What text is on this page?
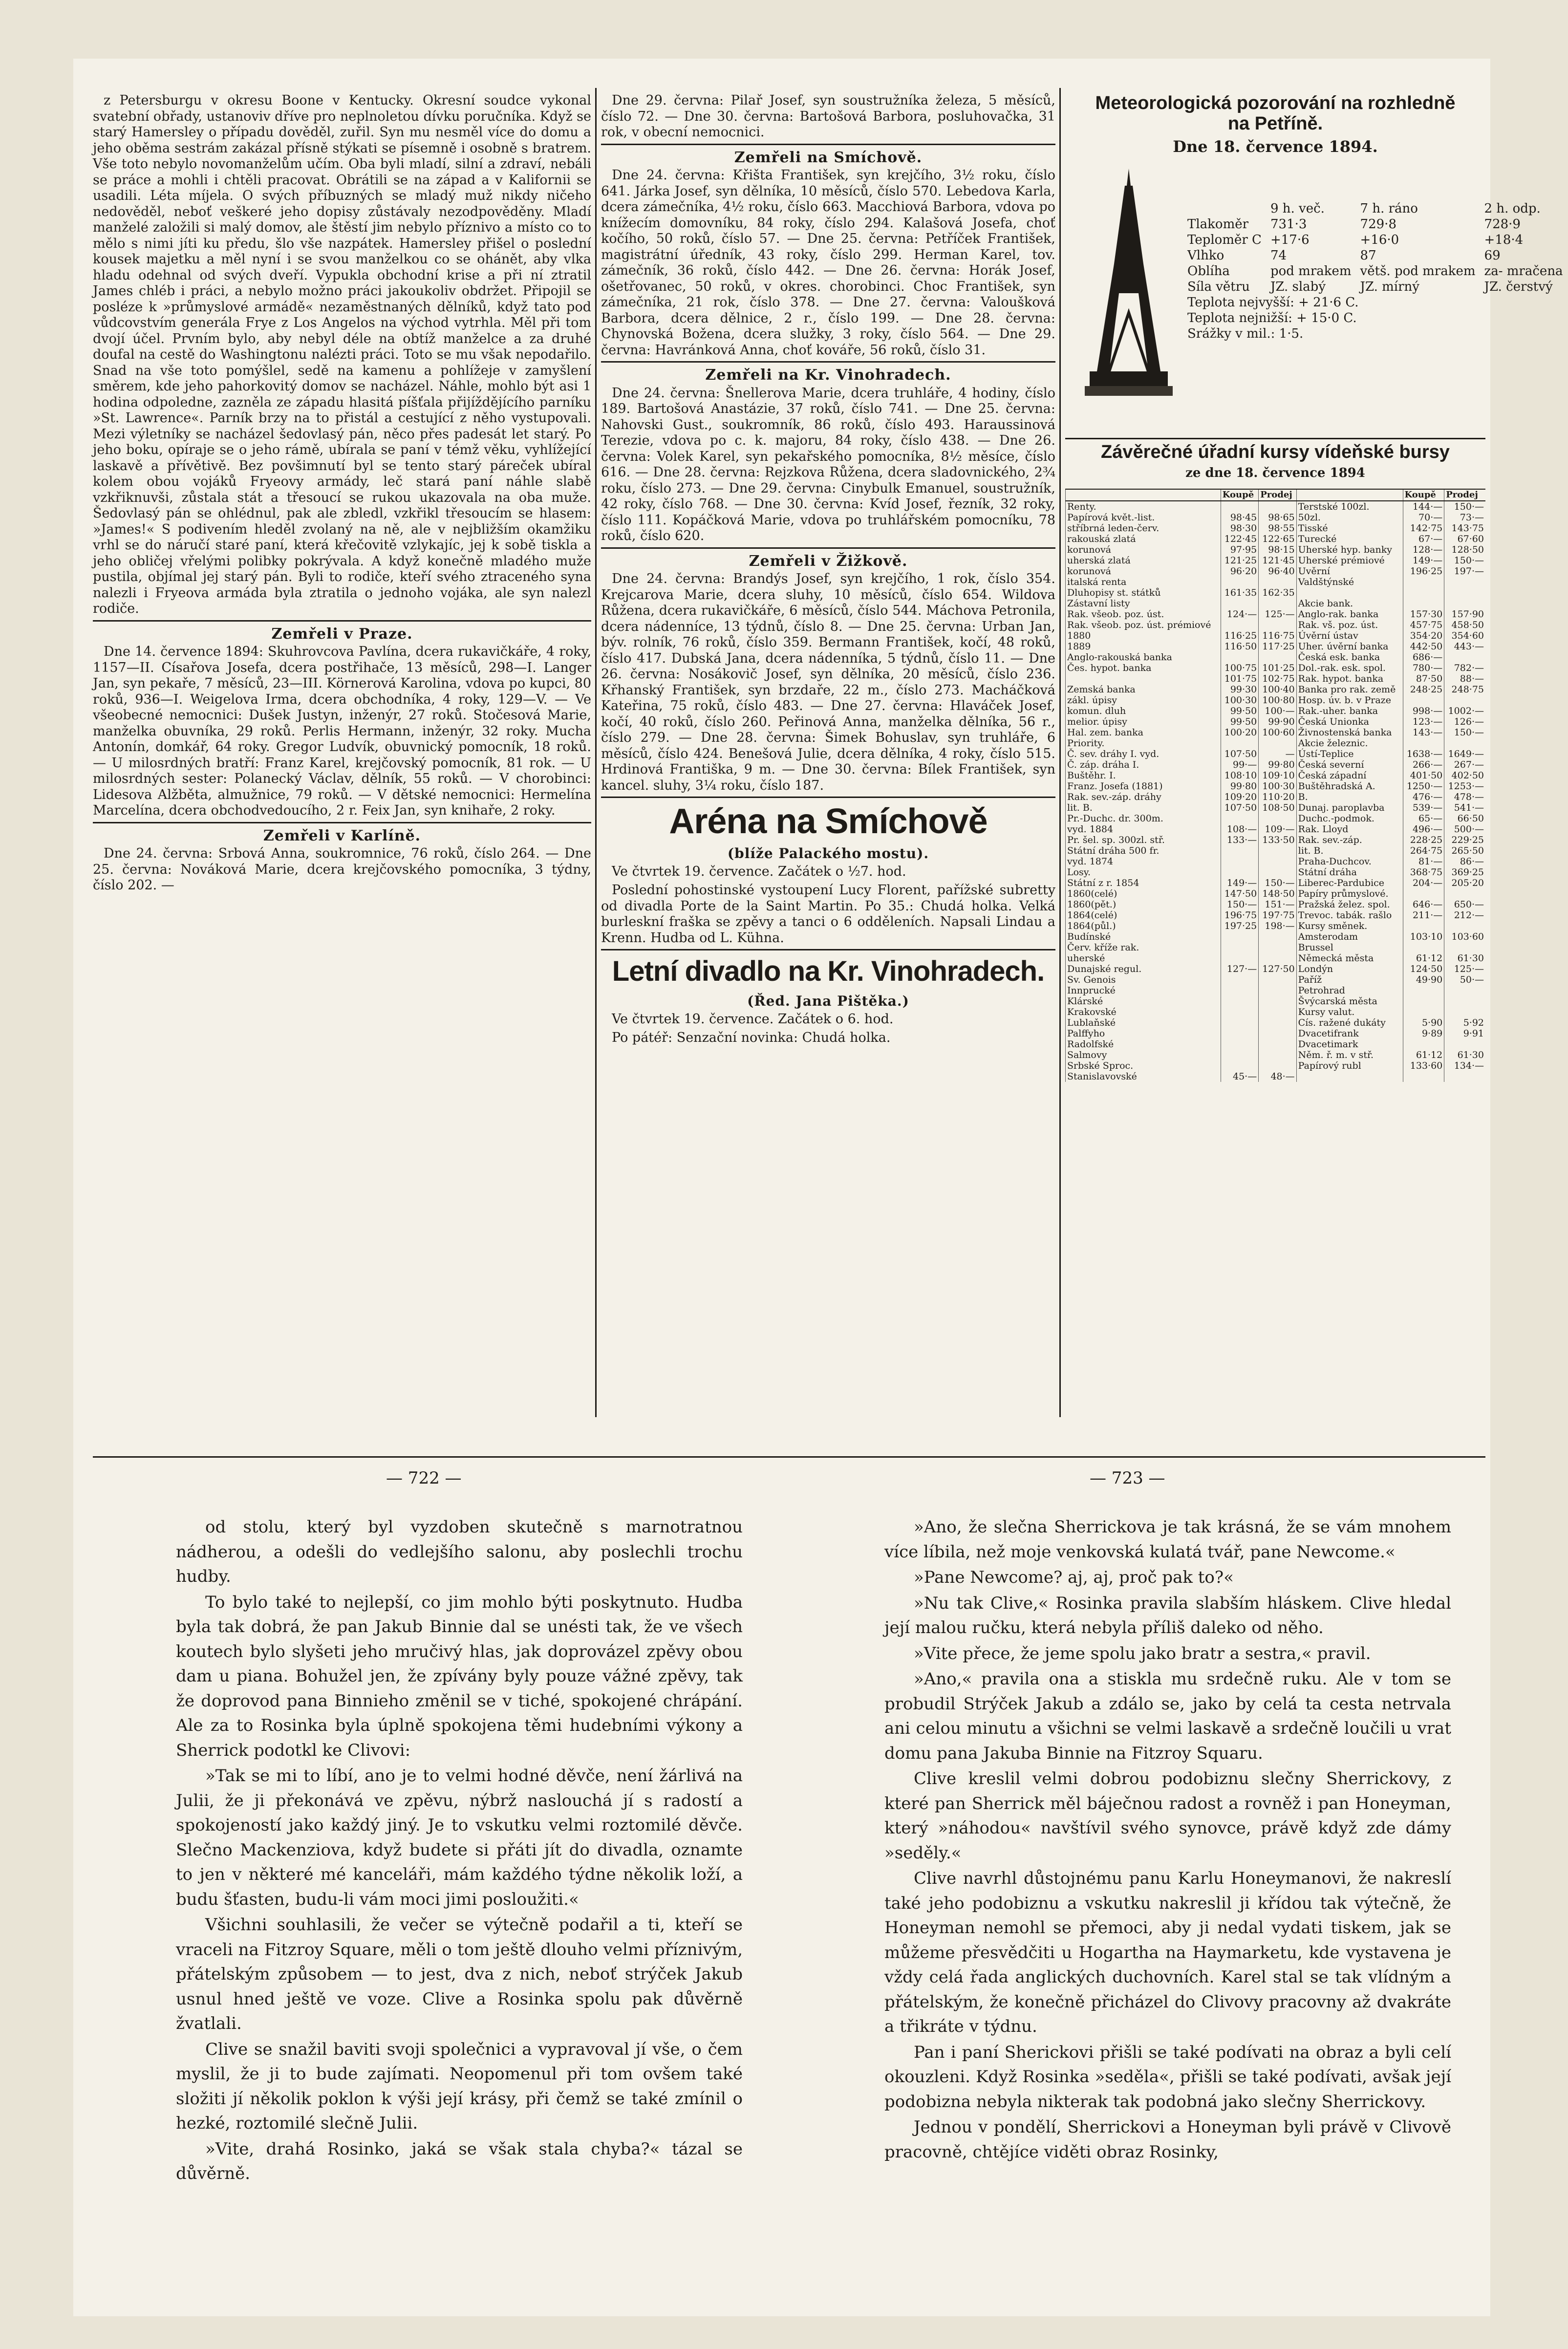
z Petersburgu v okresu Boone v Kentucky. Okresní soudce vykonal svatební obřady, ustanoviv dříve pro neplnoletou dívku poručníka. Když se starý Hamersley o případu dověděl, zuřil. Syn mu nesměl více do domu a jeho oběma sestrám zakázal přísně stýkati se písemně i osobně s bratrem. Vše toto nebylo novomanželům učím. Oba byli mladí, silní a zdraví, nebáli se práce a mohli i chtěli pracovat. Obrátili se na západ a v Kalifornii se usadili. Léta míjela. O svých příbuzných se mladý muž nikdy ničeho nedověděl, neboť veškeré jeho dopisy zůstávaly nezodpověděny. Mladí manželé založili si malý domov, ale štěstí jim nebylo příznivo a místo co to mělo s nimi jíti ku předu, šlo vše nazpátek. Hamersley přišel o poslední kousek majetku a měl nyní i se svou manželkou co se ohánět, aby vlka hladu odehnal od svých dveří. Vypukla obchodní krise a při ní ztratil James chléb i práci, a nebylo možno práci jakoukoliv obdržet. Připojil se posléze k »průmyslové armádě« nezaměstnaných dělníků, když tato pod vůdcovstvím generála Frye z Los Angelos na východ vytrhla. Měl při tom dvojí účel. Prvním bylo, aby nebyl déle na obtíž manželce a za druhé doufal na cestě do Washingtonu nalézti práci. Toto se mu však nepodařilo. Snad na vše toto pomýšlel, sedě na kamenu a pohlížeje v zamyšlení směrem, kde jeho pahorkovitý domov se nacházel. Náhle, mohlo být asi 1 hodina odpoledne, zazněla ze západu hlasitá píšťala přijíždějícího parníku »St. Lawrence«. Parník brzy na to přistál a cestující z něho vystupovali. Mezi výletníky se nacházel šedovlasý pán, něco přes padesát let starý. Po jeho boku, opíraje se o jeho rámě, ubírala se paní v témž věku, vyhlížející laskavě a přívětivě. Bez povšimnutí byl se tento starý páreček ubíral kolem obou vojáků Fryeovy armády, leč stará paní náhle slabě vzkřiknuvši, zůstala stát a třesoucí se rukou ukazovala na oba muže. Šedovlasý pán se ohlédnul, pak ale zbledl, vzkřikl třesoucím se hlasem: »James!« S podivením hleděl zvolaný na ně, ale v nejbližším okamžiku vrhl se do náručí staré paní, která křečovitě vzlykajíc, jej k sobě tiskla a jeho obličej vřelými polibky pokrývala. A když konečně mladého muže pustila, objímal jej starý pán. Byli to rodiče, kteří svého ztraceného syna nalezli i Fryeova armáda byla ztratila o jednoho vojáka, ale syn nalezl rodiče.

Zemřeli v Praze.

Dne 14. července 1894: Skuhrovcova Pavlína, dcera rukavičkáře, 4 roky, 1157—II. Císařova Josefa, dcera postřihače, 13 měsíců, 298—I. Langer Jan, syn pekaře, 7 měsíců, 23—III. Körnerová Karolina, vdova po kupci, 80 roků, 936—I. Weigelova Irma, dcera obchodníka, 4 roky, 129—V. — Ve všeobecné nemocnici: Dušek Justyn, inženýr, 27 roků. Stočesová Marie, manželka obuvníka, 29 roků. Perlis Hermann, inženýr, 32 roky. Mucha Antonín, domkář, 64 roky. Gregor Ludvík, obuvnický pomocník, 18 roků. — U milosrdných bratří: Franz Karel, krejčovský pomocník, 81 rok. — U milosrdných sester: Polanecký Václav, dělník, 55 roků. — V chorobinci: Lidesova Alžběta, almužnice, 79 roků. — V dětské nemocnici: Hermelína Marcelína, dcera obchodvedoucího, 2 r. Feix Jan, syn knihaře, 2 roky.

Zemřeli v Karlíně.

Dne 24. června: Srbová Anna, soukromnice, 76 roků, číslo 264. — Dne 25. června: Nováková Marie, dcera krejčovského pomocníka, 3 týdny, číslo 202. —

Dne 29. června: Pilař Josef, syn soustružníka železa, 5 měsíců, číslo 72. — Dne 30. června: Bartošová Barbora, posluhovačka, 31 rok, v obecní nemocnici.

Zemřeli na Smíchově.

Dne 24. června: Křišta František, syn krejčího, 3½ roku, číslo 641. Járka Josef, syn dělníka, 10 měsíců, číslo 570. Lebedova Karla, dcera zámečníka, 4½ roku, číslo 663. Macchiová Barbora, vdova po knížecím domovníku, 84 roky, číslo 294. Kalašová Josefa, choť kočího, 50 roků, číslo 57. — Dne 25. června: Petříček František, magistrátní úředník, 43 roky, číslo 299. Herman Karel, tov. zámečník, 36 roků, číslo 442. — Dne 26. června: Horák Josef, ošetřovanec, 50 roků, v okres. chorobinci. Choc František, syn zámečníka, 21 rok, číslo 378. — Dne 27. června: Valoušková Barbora, dcera dělnice, 2 r., číslo 199. — Dne 28. června: Chynovská Božena, dcera služky, 3 roky, číslo 564. — Dne 29. června: Havránková Anna, choť kováře, 56 roků, číslo 31.

Zemřeli na Kr. Vinohradech.

Dne 24. června: Šnellerova Marie, dcera truhláře, 4 hodiny, číslo 189. Bartošová Anastázie, 37 roků, číslo 741. — Dne 25. června: Nahovski Gust., soukromník, 86 roků, číslo 493. Haraussinová Terezie, vdova po c. k. majoru, 84 roky, číslo 438. — Dne 26. června: Volek Karel, syn pekařského pomocníka, 8½ měsíce, číslo 616. — Dne 28. června: Rejzkova Růžena, dcera sladovnického, 2¾ roku, číslo 273. — Dne 29. června: Cinybulk Emanuel, soustružník, 42 roky, číslo 768. — Dne 30. června: Kvíd Josef, řezník, 32 roky, číslo 111. Kopáčková Marie, vdova po truhlářském pomocníku, 78 roků, číslo 620.

Zemřeli v Žižkově.

Dne 24. června: Brandýs Josef, syn krejčího, 1 rok, číslo 354. Krejcarova Marie, dcera sluhy, 10 měsíců, číslo 654. Wildova Růžena, dcera rukavičkáře, 6 měsíců, číslo 544. Máchova Petronila, dcera nádenníce, 13 týdnů, číslo 8. — Dne 25. června: Urban Jan, býv. rolník, 76 roků, číslo 359. Bermann František, kočí, 48 roků, číslo 417. Dubská Jana, dcera nádenníka, 5 týdnů, číslo 11. — Dne 26. června: Nosákovič Josef, syn dělníka, 20 měsíců, číslo 236. Křhanský František, syn brzdaře, 22 m., číslo 273. Macháčková Kateřina, 75 roků, číslo 483. — Dne 27. června: Hlaváček Josef, kočí, 40 roků, číslo 260. Peřinová Anna, manželka dělníka, 56 r., číslo 279. — Dne 28. června: Šimek Bohuslav, syn truhláře, 6 měsíců, číslo 424. Benešová Julie, dcera dělníka, 4 roky, číslo 515. Hrdinová Františka, 9 m. — Dne 30. června: Bílek František, syn kancel. sluhy, 3¼ roku, číslo 187.

Aréna na Smíchově

(blíže Palackého mostu).

Ve čtvrtek 19. července. Začátek o ½7. hod.

Poslední pohostinské vystoupení Lucy Florent, pařížské subretty od divadla Porte de la Saint Martin. Po 35.: Chudá holka. Velká burleskní fraška se zpěvy a tanci o 6 odděleních. Napsali Lindau a Krenn. Hudba od L. Kühna.

Letní divadlo na Kr. Vinohradech.

(Řed. Jana Pištěka.)

Ve čtvrtek 19. července. Začátek o 6. hod.

Po pátéř: Senzační novinka: Chudá holka.

Meteorologická pozorování na rozhledně
na Petříně.
Dne 18. července 1894.
	9 h. več.	7 h. ráno	2 h. odp.
Tlakoměr	731·3	729·8	728·9
Teploměr C	+17·6	+16·0	+18·4
Vlhko	74	87	69
Oblíha	pod mrakem	větš. pod mrakem	za- mračena
Síla větru	JZ. slabý	JZ. mírný	JZ. čerstvý
Teplota nejvyšší: + 21·6 C.			
Teplota nejnižší: + 15·0 C.			
Srážky v mil.: 1·5.			
Závěrečné úřadní kursy vídeňské bursy
ze dne 18. července 1894
	Koupě	Prodej		Koupě	Prodej
Renty.			Terstské 100zl.	144·—	150·—
Papírová květ.-list.	98·45	98·65	50zl.	70·—	73·—
stříbrná leden-červ.	98·30	98·55	Tisské	142·75	143·75
rakouská zlatá	122·45	122·65	Turecké	67·—	67·60
korunová	97·95	98·15	Uherské hyp. banky	128·—	128·50
uherská zlatá	121·25	121·45	Uherské prémiové	149·—	150·—
korunová	96·20	96·40	Uvěrní	196·25	197·—
italská renta			Valdštýnské		
Dluhopisy st. státků	161·35	162·35			
Zástavní listy			Akcie bank.		
Rak. všeob. poz. úst.	124·—	125·—	Anglo-rak. banka	157·30	157·90
Rak. všeob. poz. úst. prémiové			Rak. vš. poz. úst.	457·75	458·50
1880	116·25	116·75	Úvěrní ústav	354·20	354·60
1889	116·50	117·25	Uher. úvěrní banka	442·50	443·—
Anglo-rakouská banka			Česká esk. banka	686·—	
Čes. hypot. banka	100·75	101·25	Dol.-rak. esk. spol.	780·—	782·—
	101·75	102·75	Rak. hypot. banka	87·50	88·—
Zemská banka	99·30	100·40	Banka pro rak. země	248·25	248·75
zákl. úpisy	100·30	100·80	Hosp. úv. b. v Praze		
komun. dluh	99·50	100·—	Rak.-uher. banka	998·—	1002·—
melior. úpisy	99·50	99·90	Česká Unionka	123·—	126·—
Hal. zem. banka	100·20	100·60	Živnostenská banka	143·—	150·—
Priority.			Akcie železnic.		
Č. sev. dráhy I. vyd.	107·50	—	Ústí-Teplice	1638·—	1649·—
Č. záp. dráha I.	99·—	99·80	Česká severní	266·—	267·—
Buštěhr. I.	108·10	109·10	Česká západní	401·50	402·50
Franz. Josefa (1881)	99·80	100·30	Buštěhradská A.	1250·—	1253·—
Rak. sev.-záp. dráhy	109·20	110·20	B.	476·—	478·—
lit. B.	107·50	108·50	Dunaj. paroplavba	539·—	541·—
Pr.-Duchc. dr. 300m.			Duchc.-podmok.	65·—	66·50
vyd. 1884	108·—	109·—	Rak. Lloyd	496·—	500·—
Pr. šel. sp. 300zl. stř.	133·—	133·50	Rak. sev.-záp.	228·25	229·25
Státní dráha 500 fr.			lit. B.	264·75	265·50
vyd. 1874			Praha-Duchcov.	81·—	86·—
Losy.			Státní dráha	368·75	369·25
Státní z r. 1854	149·—	150·—	Liberec-Pardubice	204·—	205·20
1860(celé)	147·50	148·50	Papíry průmyslové.		
1860(pět.)	150·—	151·—	Pražská želez. spol.	646·—	650·—
1864(celé)	196·75	197·75	Trevoc. tabák. rašlo	211·—	212·—
1864(půl.)	197·25	198·—	Kursy směnek.		
Budínské			Amsterodam	103·10	103·60
Červ. kříže rak.			Brussel		
uherské			Německá města	61·12	61·30
Dunajské regul.	127·—	127·50	Londýn	124·50	125·—
Sv. Genois			Paříž	49·90	50·—
Innprucké			Petrohrad		
Klárské			Švýcarská města		
Krakovské			Kursy valut.		
Lublaňské			Cís. ražené dukáty	5·90	5·92
Palffyho			Dvacetifrank	9·89	9·91
Radolfské			Dvacetimark		
Salmovy			Něm. ř. m. v stř.	61·12	61·30
Srbské Sproc.			Papírový rubl	133·60	134·—
Stanislavovské	45·—	48·—			
— 722 —	— 723 —

od stolu, který byl vyzdoben skutečně s marnotratnou nádherou, a odešli do vedlejšího salonu, aby poslechli trochu hudby.

To bylo také to nejlepší, co jim mohlo býti poskytnuto. Hudba byla tak dobrá, že pan Jakub Binnie dal se unésti tak, že ve všech koutech bylo slyšeti jeho mručivý hlas, jak doprovázel zpěvy obou dam u piana. Bohužel jen, že zpívány byly pouze vážné zpěvy, tak že doprovod pana Binnieho změnil se v tiché, spokojené chrápání. Ale za to Rosinka byla úplně spokojena těmi hudebními výkony a Sherrick podotkl ke Clivovi:

»Tak se mi to líbí, ano je to velmi hodné děvče, není žárlivá na Julii, že ji překonává ve zpěvu, nýbrž naslouchá jí s radostí a spokojeností jako každý jiný. Je to vskutku velmi roztomilé děvče. Slečno Mackenziova, když budete si přáti jít do divadla, oznamte to jen v některé mé kanceláři, mám každého týdne několik loží, a budu šťasten, budu-li vám moci jimi posloužiti.«

Všichni souhlasili, že večer se výtečně podařil a ti, kteří se vraceli na Fitzroy Square, měli o tom ještě dlouho velmi příznivým, přátelským způsobem — to jest, dva z nich, neboť strýček Jakub usnul hned ještě ve voze. Clive a Rosinka spolu pak důvěrně žvatlali.

Clive se snažil baviti svoji společnici a vypravoval jí vše, o čem myslil, že ji to bude zajímati. Neopomenul při tom ovšem také složiti jí několik poklon k výši její krásy, při čemž se také zmínil o hezké, roztomilé slečně Julii.

»Vite, drahá Rosinko, jaká se však stala chyba?« tázal se důvěrně.

»Ano, že slečna Sherrickova je tak krásná, že se vám mnohem více líbila, než moje venkovská kulatá tvář, pane Newcome.«

»Pane Newcome? aj, aj, proč pak to?«

»Nu tak Clive,« Rosinka pravila slabším hláskem. Clive hledal její malou ručku, která nebyla příliš daleko od něho.

»Vite přece, že jeme spolu jako bratr a sestra,« pravil.

»Ano,« pravila ona a stiskla mu srdečně ruku. Ale v tom se probudil Strýček Jakub a zdálo se, jako by celá ta cesta netrvala ani celou minutu a všichni se velmi laskavě a srdečně loučili u vrat domu pana Jakuba Binnie na Fitzroy Squaru.

Clive kreslil velmi dobrou podobiznu slečny Sherrickovy, z které pan Sherrick měl báječnou radost a rovněž i pan Honeyman, který »náhodou« navštívil svého synovce, právě když zde dámy »seděly.«

Clive navrhl důstojnému panu Karlu Honeymanovi, že nakreslí také jeho podobiznu a vskutku nakreslil ji křídou tak výtečně, že Honeyman nemohl se přemoci, aby ji nedal vydati tiskem, jak se můžeme přesvědčiti u Hogartha na Haymarketu, kde vystavena je vždy celá řada anglických duchovních. Karel stal se tak vlídným a přátelským, že konečně přicházel do Clivovy pracovny až dvakráte a třikráte v týdnu.

Pan i paní Sherickovi přišli se také podívati na obraz a byli celí okouzleni. Když Rosinka »seděla«, přišli se také podívati, avšak její podobizna nebyla nikterak tak podobná jako slečny Sherrickovy.

Jednou v pondělí, Sherrickovi a Honeyman byli právě v Clivově pracovně, chtějíce viděti obraz Rosinky,
